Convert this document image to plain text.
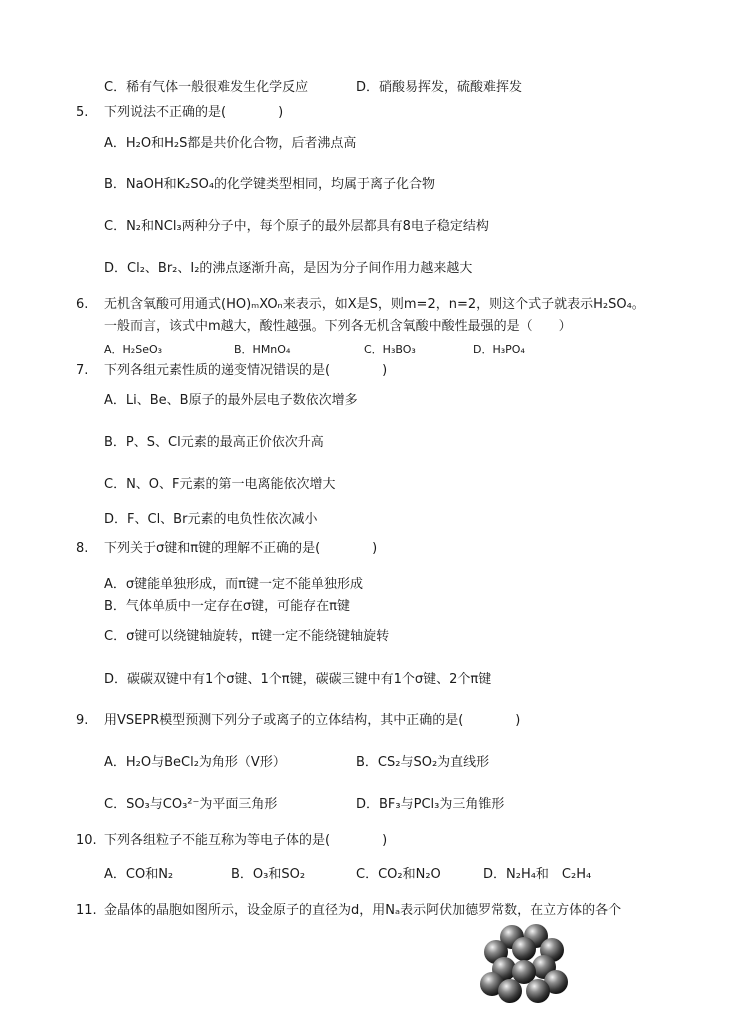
C．稀有气体一般很难发生化学反应	D．硝酸易挥发，硫酸难挥发
5. 下列说法不正确的是(　　　　)
A．H₂O和H₂S都是共价化合物，后者沸点高
B．NaOH和K₂SO₄的化学键类型相同，均属于离子化合物
C．N₂和NCl₃两种分子中，每个原子的最外层都具有8电子稳定结构
D．Cl₂、Br₂、I₂的沸点逐渐升高，是因为分子间作用力越来越大
6. 无机含氧酸可用通式(HO)ₘXOₙ来表示，如X是S，则m=2，n=2，则这个式子就表示H₂SO₄。
一般而言，该式中m越大，酸性越强。下列各无机含氧酸中酸性最强的是（　　）
A．H₂SeO₃	B．HMnO₄	C．H₃BO₃	D．H₃PO₄
7. 下列各组元素性质的递变情况错误的是(　　　　)
A．Li、Be、B原子的最外层电子数依次增多
B．P、S、Cl元素的最高正价依次升高
C．N、O、F元素的第一电离能依次增大
D．F、Cl、Br元素的电负性依次减小
8. 下列关于σ键和π键的理解不正确的是(　　　　)
A．σ键能单独形成，而π键一定不能单独形成
B．气体单质中一定存在σ键，可能存在π键
C．σ键可以绕键轴旋转，π键一定不能绕键轴旋转
D．碳碳双键中有1个σ键、1个π键，碳碳三键中有1个σ键、2个π键
9. 用VSEPR模型预测下列分子或离子的立体结构，其中正确的是(　　　　)
A．H₂O与BeCl₂为角形（V形）	B．CS₂与SO₂为直线形
C．SO₃与CO₃²⁻为平面三角形	D．BF₃与PCl₃为三角锥形
10. 下列各组粒子不能互称为等电子体的是(　　　　)
A．CO和N₂	B．O₃和SO₂	C．CO₂和N₂O	D．N₂H₄和　C₂H₄
11. 金晶体的晶胞如图所示，设金原子的直径为d，用Nₐ表示阿伏加德罗常数，在立方体的各个
